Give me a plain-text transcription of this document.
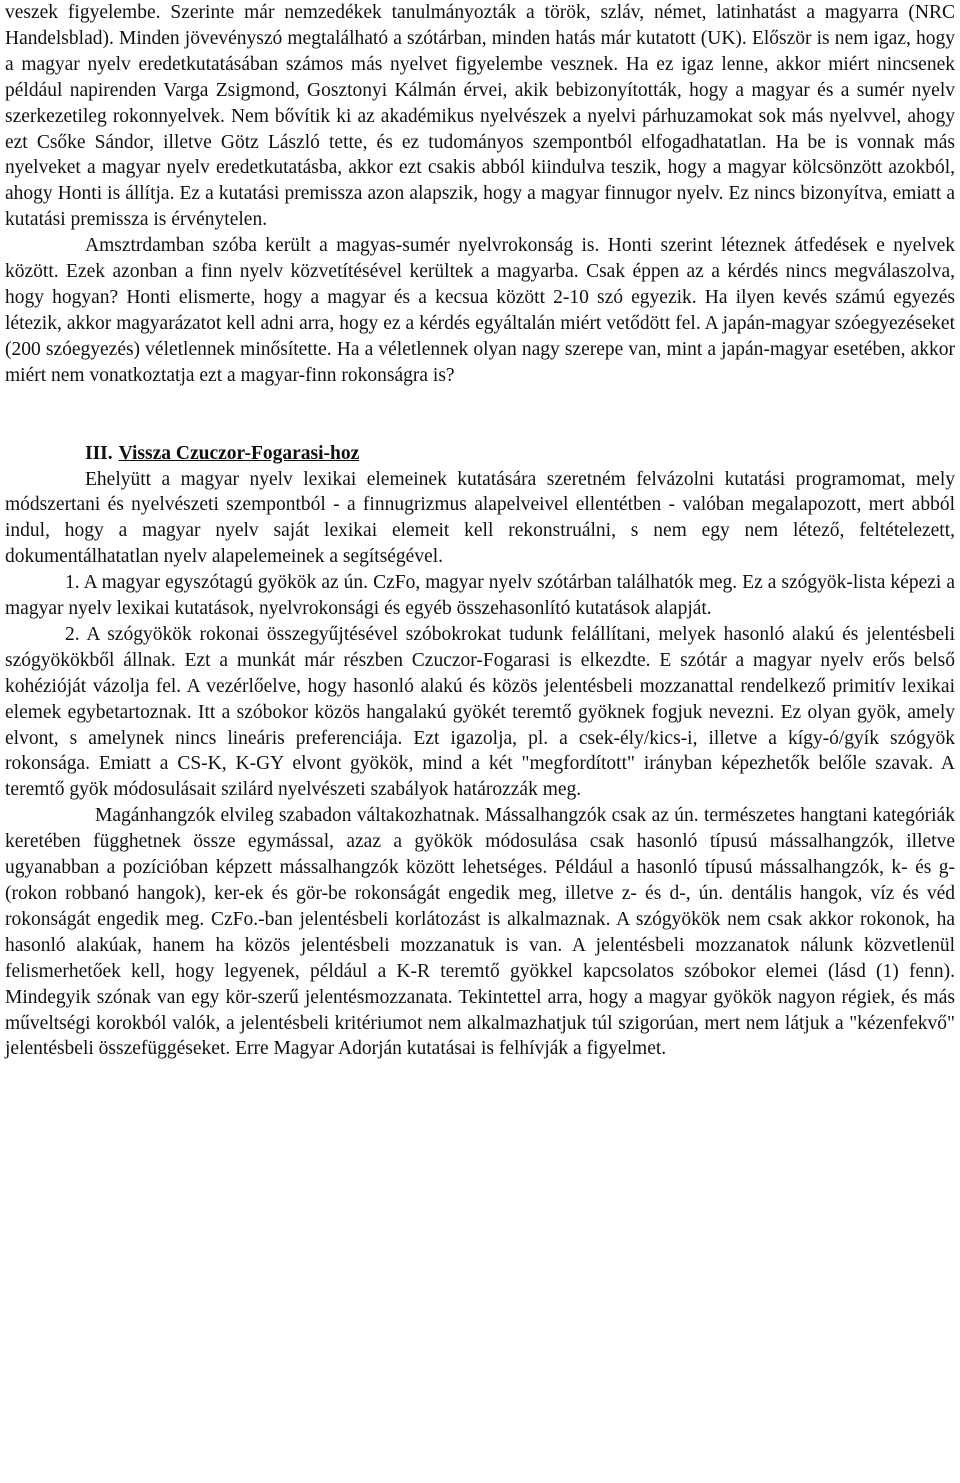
veszek figyelembe. Szerinte már nemzedékek tanulmányozták a török, szláv, német, latinhatást a magyarra (NRC Handelsblad). Minden jövevényszó megtalálható a szótárban, minden hatás már kutatott (UK). Először is nem igaz, hogy a magyar nyelv eredetkutatásában számos más nyelvet figyelembe vesznek. Ha ez igaz lenne, akkor miért nincsenek például napirenden Varga Zsigmond, Gosztonyi Kálmán érvei, akik bebizonyították, hogy a magyar és a sumér nyelv szerkezetileg rokonnyelvek. Nem bővítik ki az akadémikus nyelvészek a nyelvi párhuzamokat sok más nyelvvel, ahogy ezt Csőke Sándor, illetve Götz László tette, és ez tudományos szempontból elfogadhatatlan. Ha be is vonnak más nyelveket a magyar nyelv eredetkutatásba, akkor ezt csakis abból kiindulva teszik, hogy a magyar kölcsönzött azokból, ahogy Honti is állítja. Ez a kutatási premissza azon alapszik, hogy a magyar finnugor nyelv. Ez nincs bizonyítva, emiatt a kutatási premissza is érvénytelen.

Amsztrdamban szóba került a magyas-sumér nyelvrokonság is. Honti szerint léteznek átfedések e nyelvek között. Ezek azonban a finn nyelv közvetítésével kerültek a magyarba. Csak éppen az a kérdés nincs megválaszolva, hogy hogyan? Honti elismerte, hogy a magyar és a kecsua között 2-10 szó egyezik. Ha ilyen kevés számú egyezés létezik, akkor magyarázatot kell adni arra, hogy ez a kérdés egyáltalán miért vetődött fel. A japán-magyar szóegyezéseket (200 szóegyezés) véletlennek minősítette. Ha a véletlennek olyan nagy szerepe van, mint a japán-magyar esetében, akkor miért nem vonatkoztatja ezt a magyar-finn rokonságra is?

III. Vissza Czuczor-Fogarasi-hoz

Ehelyütt a magyar nyelv lexikai elemeinek kutatására szeretném felvázolni kutatási programomat, mely módszertani és nyelvészeti szempontból - a finnugrizmus alapelveivel ellentétben - valóban megalapozott, mert abból indul, hogy a magyar nyelv saját lexikai elemeit kell rekonstruálni, s nem egy nem létező, feltételezett, dokumentálhatatlan nyelv alapelemeinek a segítségével.

1. A magyar egyszótagú gyökök az ún. CzFo, magyar nyelv szótárban találhatók meg. Ez a szógyök-lista képezi a magyar nyelv lexikai kutatások, nyelvrokonsági és egyéb összehasonlító kutatások alapját.

2. A szógyökök rokonai összegyűjtésével szóbokrokat tudunk felállítani, melyek hasonló alakú és jelentésbeli szógyökökből állnak. Ezt a munkát már részben Czuczor-Fogarasi is elkezdte. E szótár a magyar nyelv erős belső kohézióját vázolja fel. A vezérlőelve, hogy hasonló alakú és közös jelentésbeli mozzanattal rendelkező primitív lexikai elemek egybetartoznak. Itt a szóbokor közös hangalakú gyökét teremtő gyöknek fogjuk nevezni. Ez olyan gyök, amely elvont, s amelynek nincs lineáris preferenciája. Ezt igazolja, pl. a csek-ély/kics-i, illetve a kígy-ó/gyík szógyök rokonsága. Emiatt a CS-K, K-GY elvont gyökök, mind a két "megfordított" irányban képezhetők belőle szavak. A teremtő gyök módosulásait szilárd nyelvészeti szabályok határozzák meg.

Magánhangzók elvileg szabadon váltakozhatnak. Mássalhangzók csak az ún. természetes hangtani kategóriák keretében függhetnek össze egymással, azaz a gyökök módosulása csak hasonló típusú mássalhangzók, illetve ugyanabban a pozícióban képzett mássalhangzók között lehetséges. Például a hasonló típusú mássalhangzók, k- és g- (rokon robbanó hangok), ker-ek és gör-be rokonságát engedik meg, illetve z- és d-, ún. dentális hangok, víz és véd rokonságát engedik meg. CzFo.-ban jelentésbeli korlátozást is alkalmaznak. A szógyökök nem csak akkor rokonok, ha hasonló alakúak, hanem ha közös jelentésbeli mozzanatuk is van. A jelentésbeli mozzanatok nálunk közvetlenül felismerhetőek kell, hogy legyenek, például a K-R teremtő gyökkel kapcsolatos szóbokor elemei (lásd (1) fenn). Mindegyik szónak van egy kör-szerű jelentésmozzanata. Tekintettel arra, hogy a magyar gyökök nagyon régiek, és más műveltségi korokból valók, a jelentésbeli kritériumot nem alkalmazhatjuk túl szigorúan, mert nem látjuk a "kézenfekvő" jelentésbeli összefüggéseket. Erre Magyar Adorján kutatásai is felhívják a figyelmet.
